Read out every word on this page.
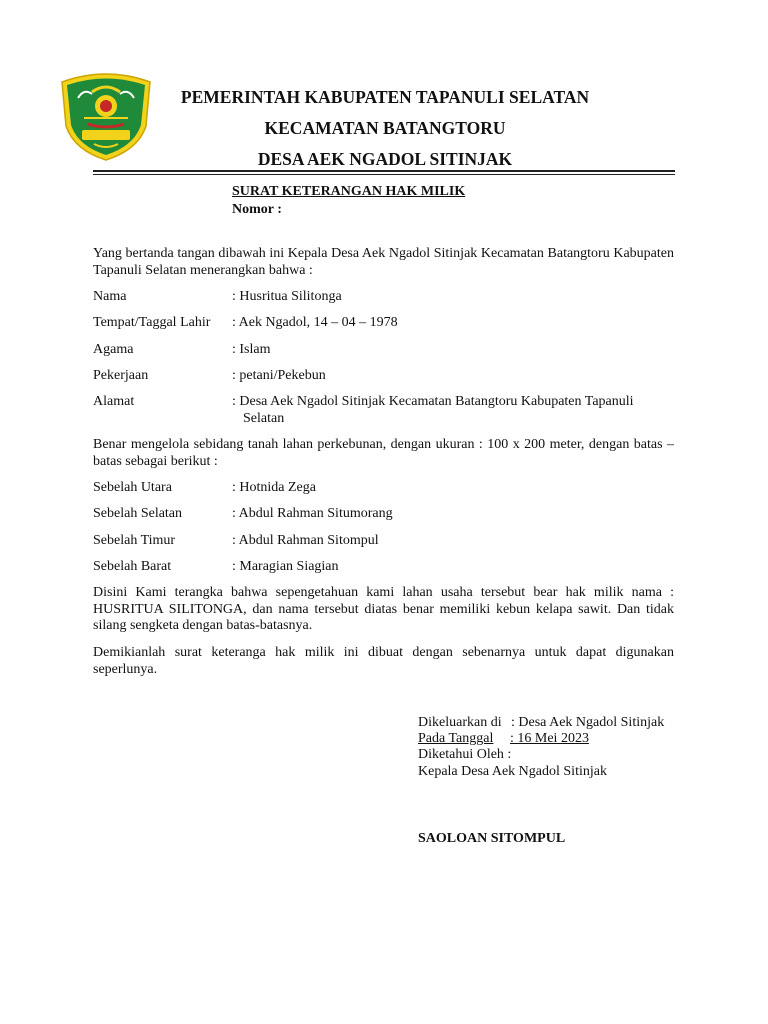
PEMERINTAH KABUPATEN TAPANULI SELATAN
KECAMATAN BATANGTORU
DESA AEK NGADOL SITINJAK
SURAT KETERANGAN HAK MILIK
Nomor :
Yang bertanda tangan dibawah ini Kepala Desa Aek Ngadol Sitinjak Kecamatan Batangtoru Kabupaten Tapanuli Selatan menerangkan bahwa :
Nama	: Husritua Silitonga
Tempat/Taggal Lahir : Aek Ngadol, 14 – 04 – 1978
Agama	: Islam
Pekerjaan	: petani/Pekebun
Alamat	: Desa Aek Ngadol Sitinjak Kecamatan Batangtoru Kabupaten Tapanuli
Selatan
Benar mengelola sebidang tanah lahan perkebunan, dengan ukuran : 100 x 200 meter, dengan batas – batas sebagai berikut :
Sebelah Utara	: Hotnida Zega
Sebelah Selatan	: Abdul Rahman Situmorang
Sebelah Timur	: Abdul Rahman Sitompul
Sebelah Barat	: Maragian Siagian
Disini Kami terangka bahwa sepengetahuan kami lahan usaha tersebut bear hak milik nama : HUSRITUA SILITONGA, dan nama tersebut diatas benar memiliki kebun kelapa sawit. Dan tidak silang sengketa dengan batas-batasnya.
Demikianlah surat keteranga hak milik ini dibuat dengan sebenarnya untuk dapat digunakan seperlunya.
Dikeluarkan di : Desa Aek Ngadol Sitinjak
Pada Tanggal	: 16 Mei 2023
Diketahui Oleh :
Kepala Desa Aek Ngadol Sitinjak
SAOLOAN SITOMPUL
